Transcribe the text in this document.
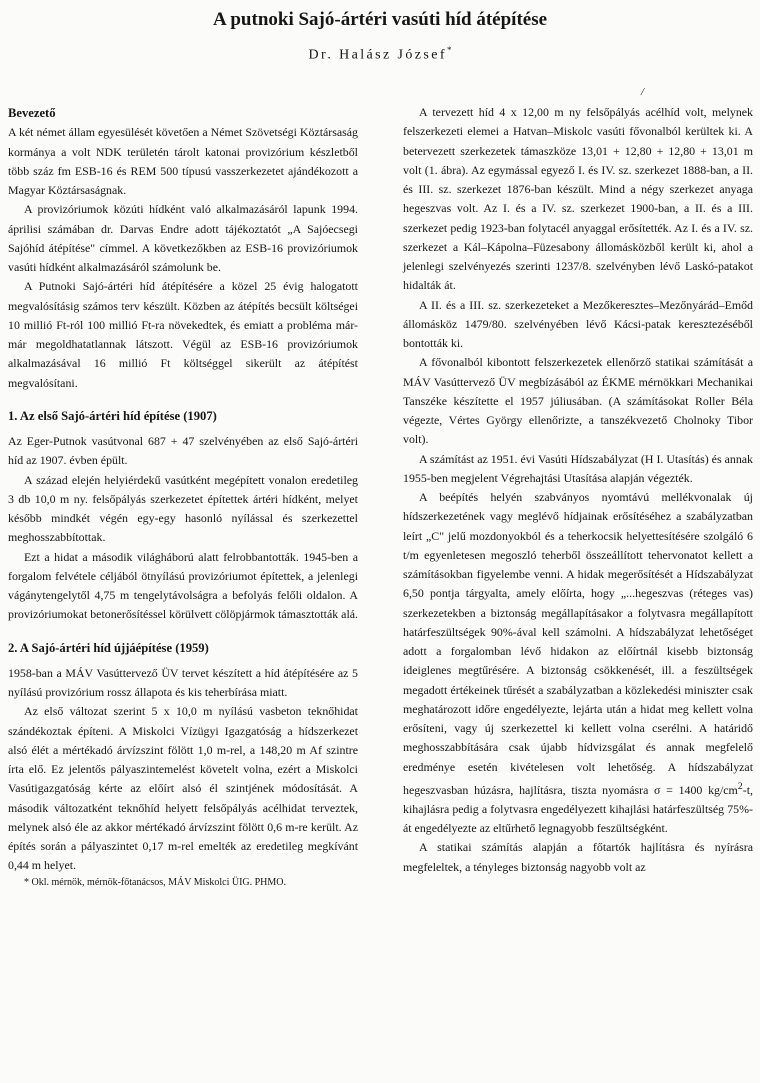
A putnoki Sajó-ártéri vasúti híd átépítése
Dr. Halász József*
/
Bevezető

A két német állam egyesülését követően a Német Szövetségi Köztársaság kormánya a volt NDK területén tárolt katonai provizórium készletből több száz fm ESB-16 és REM 500 típusú vasszerkezetet ajándékozott a Magyar Köztársaságnak.

A provizóriumok közúti hídként való alkalmazásáról lapunk 1994. áprilisi számában dr. Darvas Endre adott tájékoztatót „A Sajóecsegi Sajóhíd átépítése" címmel. A következőkben az ESB-16 provizóriumok vasúti hídként alkalmazásáról számolunk be.

A Putnoki Sajó-ártéri híd átépítésére a közel 25 évig halogatott megvalósításig számos terv készült. Közben az átépítés becsült költségei 10 millió Ft-ról 100 millió Ft-ra növekedtek, és emiatt a probléma már-már megoldhatatlannak látszott. Végül az ESB-16 provizóriumok alkalmazásával 16 millió Ft költséggel sikerült az átépítést megvalósítani.

1. Az első Sajó-ártéri híd építése (1907)

Az Eger-Putnok vasútvonal 687 + 47 szelvényében az első Sajó-ártéri híd az 1907. évben épült.

A század elején helyiérdekű vasútként megépített vonalon eredetileg 3 db 10,0 m ny. felsőpályás szerkezetet építettek ártéri hídként, melyet később mindkét végén egy-egy hasonló nyílással és szerkezettel meghosszabbítottak.

Ezt a hidat a második világháború alatt felrobbantották. 1945-ben a forgalom felvétele céljából ötnyílású provizóriumot építettek, a jelenlegi vágánytengelytől 4,75 m tengelytávolságra a befolyás felőli oldalon. A provizóriumokat betonerősítéssel körülvett cölöpjármok támasztották alá.

2. A Sajó-ártéri híd újjáépítése (1959)

1958-ban a MÁV Vasúttervező ÜV tervet készített a híd átépítésére az 5 nyílású provizórium rossz állapota és kis teherbírása miatt.

Az első változat szerint 5 x 10,0 m nyílású vasbeton teknőhidat szándékoztak építeni. A Miskolci Vízügyi Igazgatóság a hídszerkezet alsó élét a mértékadó árvízszint fölött 1,0 m-rel, a 148,20 m Af szintre írta elő. Ez jelentős pályaszintemelést követelt volna, ezért a Miskolci Vasútigazgatóság kérte az előírt alsó él szintjének módosítását. A második változatként teknőhíd helyett felsőpályás acélhidat terveztek, melynek alsó éle az akkor mértékadó árvízszint fölött 0,6 m-re került. Az építés során a pályaszintet 0,17 m-rel emelték az eredetileg megkívánt 0,44 m helyet.

* Okl. mérnök, mérnök-főtanácsos, MÁV Miskolci ÜIG. PHMO.

A tervezett híd 4 x 12,00 m ny felsőpályás acélhíd volt, melynek felszerkezeti elemei a Hatvan–Miskolc vasúti fővonalból kerültek ki. A betervezett szerkezetek támaszköze 13,01 + 12,80 + 12,80 + 13,01 m volt (1. ábra). Az egymással egyező I. és IV. sz. szerkezet 1888-ban, a II. és III. sz. szerkezet 1876-ban készült. Mind a négy szerkezet anyaga hegeszvas volt. Az I. és a IV. sz. szerkezet 1900-ban, a II. és a III. szerkezet pedig 1923-ban folytacél anyaggal erősítették. Az I. és a IV. sz. szerkezet a Kál–Kápolna–Füzesabony állomásközből került ki, ahol a jelenlegi szelvényezés szerinti 1237/8. szelvényben lévő Laskó-patakot hidalták át.

A II. és a III. sz. szerkezeteket a Mezőkeresztes–Mezőnyárád–Emőd állomásköz 1479/80. szelvényében lévő Kácsi-patak keresztezéséből bontották ki.

A fővonalból kibontott felszerkezetek ellenőrző statikai számítását a MÁV Vasúttervező ÜV megbízásából az ÉKME mérnökkari Mechanikai Tanszéke készítette el 1957 júliusában. (A számításokat Roller Béla végezte, Vértes György ellenőrizte, a tanszékvezető Cholnoky Tibor volt).

A számítást az 1951. évi Vasúti Hídszabályzat (H I. Utasítás) és annak 1955-ben megjelent Végrehajtási Utasítása alapján végezték.

A beépítés helyén szabványos nyomtávú mellékvonalak új hídszerkezetének vagy meglévő hídjainak erősítéséhez a szabályzatban leírt „C" jelű mozdonyokból és a teherkocsik helyettesítésére szolgáló 6 t/m egyenletesen megoszló teherből összeállított tehervonatot kellett a számításokban figyelembe venni. A hidak megerősítését a Hídszabályzat 6,50 pontja tárgyalta, amely előírta, hogy „...hegeszvas (réteges vas) szerkezetekben a biztonság megállapításakor a folytvasra megállapított határfeszültségek 90%-ával kell számolni. A hídszabályzat lehetőséget adott a forgalomban lévő hidakon az előírtnál kisebb biztonság ideiglenes megtűrésére. A biztonság csökkenését, ill. a feszültségek megadott értékeinek tűrését a szabályzatban a közlekedési miniszter csak meghatározott időre engedélyezte, lejárta után a hidat meg kellett volna erősíteni, vagy új szerkezettel ki kellett volna cserélni. A határidő meghosszabbítására csak újabb hídvizsgálat és annak megfelelő eredménye esetén kivételesen volt lehetőség. A hídszabályzat hegeszvasban húzásra, hajlításra, tiszta nyomásra σ = 1400 $kg/cm^2-t$, kihajlásra pedig a folytvasra engedélyezett kihajlási határfeszültség 75%-át engedélyezte az eltűrhető legnagyobb feszültségként.

A statikai számítás alapján a főtartók hajlításra és nyírásra megfeleltek, a tényleges biztonság nagyobb volt az
